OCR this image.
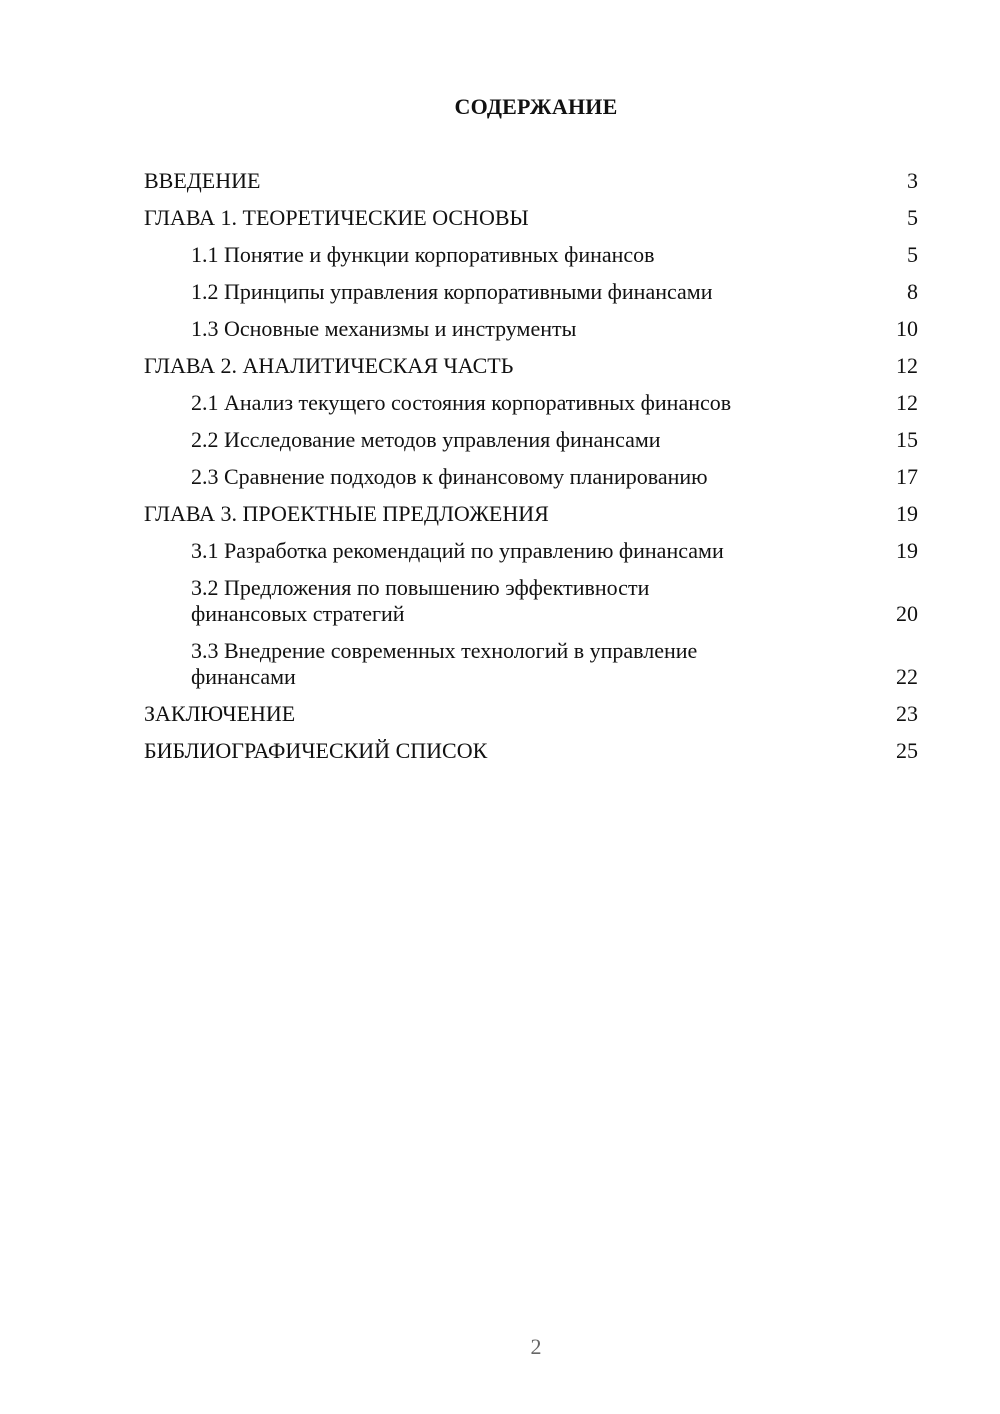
СОДЕРЖАНИЕ
ВВЕДЕНИЕ	3
ГЛАВА 1. ТЕОРЕТИЧЕСКИЕ ОСНОВЫ	5
1.1 Понятие и функции корпоративных финансов	5
1.2 Принципы управления корпоративными финансами	8
1.3 Основные механизмы и инструменты	10
ГЛАВА 2. АНАЛИТИЧЕСКАЯ ЧАСТЬ	12
2.1 Анализ текущего состояния корпоративных финансов	12
2.2 Исследование методов управления финансами	15
2.3 Сравнение подходов к финансовому планированию	17
ГЛАВА 3. ПРОЕКТНЫЕ ПРЕДЛОЖЕНИЯ	19
3.1 Разработка рекомендаций по управлению финансами	19
3.2 Предложения по повышению эффективности финансовых стратегий	20
3.3 Внедрение современных технологий в управление финансами	22
ЗАКЛЮЧЕНИЕ	23
БИБЛИОГРАФИЧЕСКИЙ СПИСОК	25
2
